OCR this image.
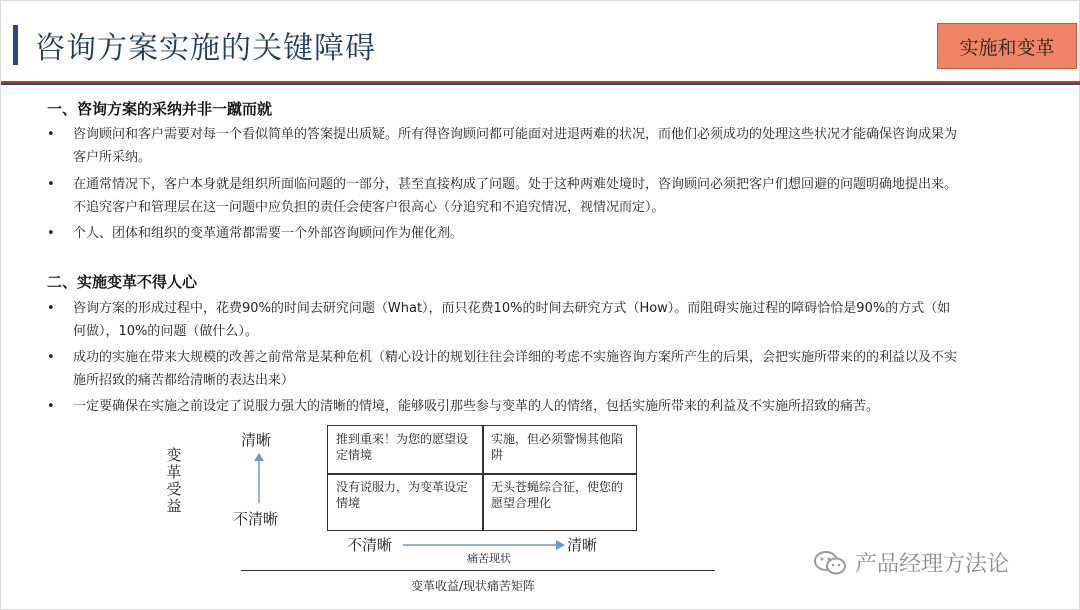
咨询方案实施的关键障碍	实施和变革
一、咨询方案的采纳并非一蹴而就
•	咨询顾问和客户需要对每一个看似简单的答案提出质疑。所有得咨询顾问都可能面对进退两难的状况，而他们必须成功的处理这些状况才能确保咨询成果为
客户所采纳。
•	在通常情况下，客户本身就是组织所面临问题的一部分，甚至直接构成了问题。处于这种两难处境时，咨询顾问必须把客户们想回避的问题明确地提出来。
不追究客户和管理层在这一问题中应负担的责任会使客户很高心（分追究和不追究情况，视情况而定）。
•	个人、团体和组织的变革通常都需要一个外部咨询顾问作为催化剂。
二、实施变革不得人心
•	咨询方案的形成过程中，花费90%的时间去研究问题（What），而只花费10%的时间去研究方式（How）。而阻碍实施过程的障碍恰恰是90%的方式（如
何做），10%的问题（做什么）。
•	成功的实施在带来大规模的改善之前常常是某种危机（精心设计的规划往往会详细的考虑不实施咨询方案所产生的后果，会把实施所带来的的利益以及不实
施所招致的痛苦都给清晰的表达出来）
•	一定要确保在实施之前设定了说服力强大的清晰的情境，能够吸引那些参与变革的人的情绪，包括实施所带来的利益及不实施所招致的痛苦。
变革受益
清晰
不清晰
推到重来！为您的愿望设定情境
实施，但必须警惕其他陷阱
没有说服力，为变革设定情境
无头苍蝇综合征，使您的愿望合理化
不清晰	清晰
痛苦现状
变革收益/现状痛苦矩阵
产品经理方法论
